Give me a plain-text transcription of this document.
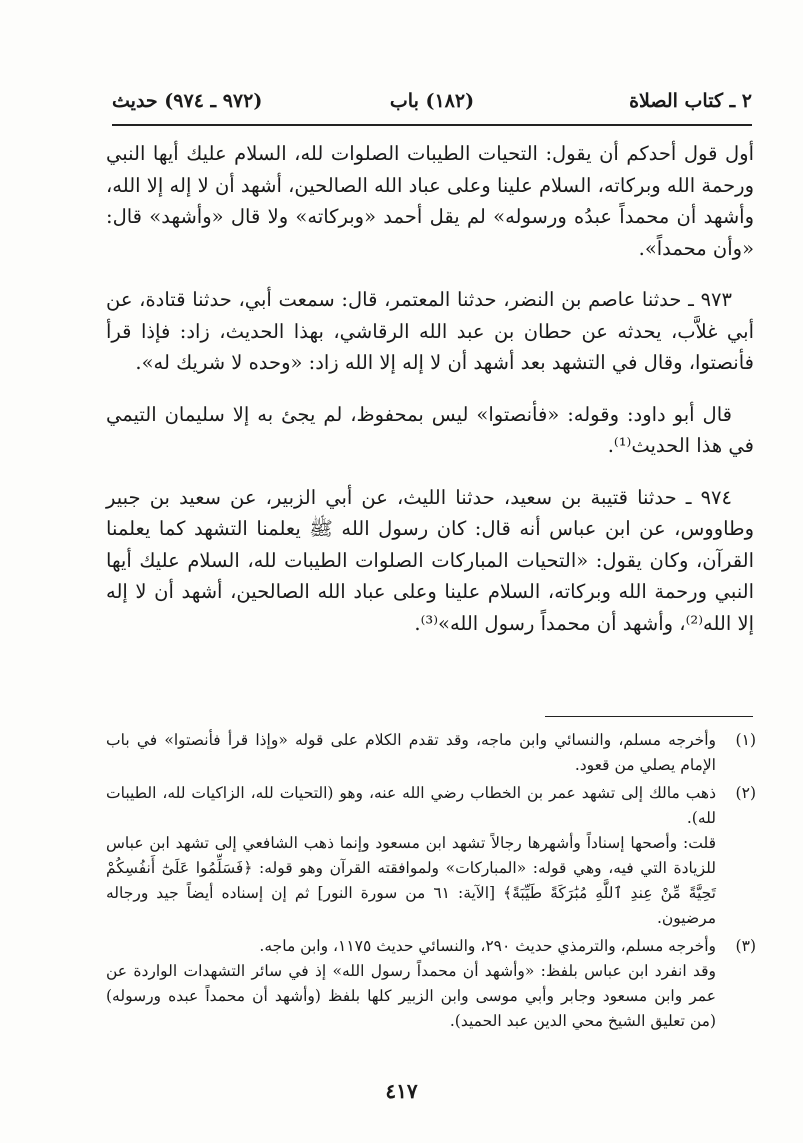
٢ ـ كتاب الصلاة
(١٨٢) باب
(٩٧٢ ـ ٩٧٤) حديث

أول قول أحدكم أن يقول: التحيات الطيبات الصلوات لله، السلام عليك أيها النبي ورحمة الله وبركاته، السلام علينا وعلى عباد الله الصالحين، أشهد أن لا إله إلا الله، وأشهد أن محمداً عبدُه ورسوله» لم يقل أحمد «وبركاته» ولا قال «وأشهد» قال: «وأن محمداً».

٩٧٣ ـ حدثنا عاصم بن النضر، حدثنا المعتمر، قال: سمعت أبي، حدثنا قتادة، عن أبي غلاَّب، يحدثه عن حطان بن عبد الله الرقاشي، بهذا الحديث، زاد: فإذا قرأ فأنصتوا، وقال في التشهد بعد أشهد أن لا إله إلا الله زاد: «وحده لا شريك له».

قال أبو داود: وقوله: «فأنصتوا» ليس بمحفوظ، لم يجئ به إلا سليمان التيمي في هذا الحديث⁽¹⁾.

٩٧٤ ـ حدثنا قتيبة بن سعيد، حدثنا الليث، عن أبي الزبير، عن سعيد بن جبير وطاووس، عن ابن عباس أنه قال: كان رسول الله ﷺ يعلمنا التشهد كما يعلمنا القرآن، وكان يقول: «التحيات المباركات الصلوات الطيبات لله، السلام عليك أيها النبي ورحمة الله وبركاته، السلام علينا وعلى عباد الله الصالحين، أشهد أن لا إله إلا الله⁽²⁾، وأشهد أن محمداً رسول الله»⁽³⁾.

(١)

وأخرجه مسلم، والنسائي وابن ماجه، وقد تقدم الكلام على قوله «وإذا قرأ فأنصتوا» في باب الإمام يصلي من قعود.

(٢)

ذهب مالك إلى تشهد عمر بن الخطاب رضي الله عنه، وهو (التحيات لله، الزاكيات لله، الطيبات لله).

قلت: وأصحها إسناداً وأشهرها رجالاً تشهد ابن مسعود وإنما ذهب الشافعي إلى تشهد ابن عباس للزيادة التي فيه، وهي قوله: «المباركات» ولموافقته القرآن وهو قوله: ﴿فَسَلِّمُوا عَلَىٰٓ أَنفُسِكُمْ تَحِيَّةً مِّنْ عِندِ ٱللَّهِ مُبَٰرَكَةً طَيِّبَةً﴾ [الآية: ٦١ من سورة النور] ثم إن إسناده أيضاً جيد ورجاله مرضيون.

(٣)

وأخرجه مسلم، والترمذي حديث ٢٩٠، والنسائي حديث ١١٧٥، وابن ماجه.

وقد انفرد ابن عباس بلفظ: «وأشهد أن محمداً رسول الله» إذ في سائر التشهدات الواردة عن عمر وابن مسعود وجابر وأبي موسى وابن الزبير كلها بلفظ (وأشهد أن محمداً عبده ورسوله) (من تعليق الشيخ محي الدين عبد الحميد).

٤١٧
